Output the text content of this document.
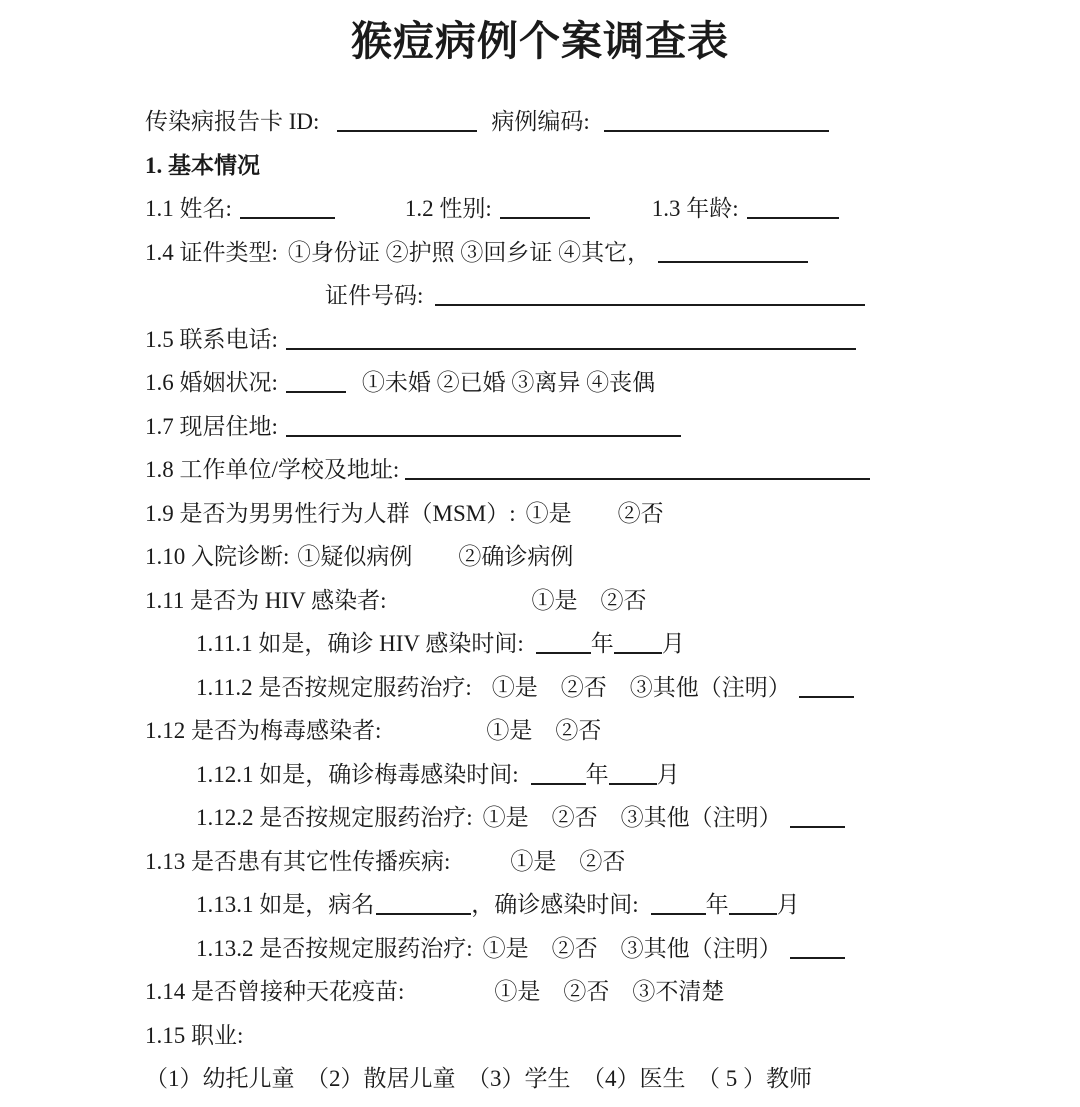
猴痘病例个案调查表
传染病报告卡 ID:	病例编码:
1. 基本情况
1.1 姓名:	1.2 性别:	1.3 年龄:
1.4 证件类型: ①身份证 ②护照 ③回乡证 ④其它，
证件号码:
1.5 联系电话:
1.6 婚姻状况:	①未婚 ②已婚 ③离异 ④丧偶
1.7 现居住地:
1.8 工作单位/学校及地址:
1.9 是否为男男性行为人群（MSM）: ①是　　②否
1.10 入院诊断: ①疑似病例　　②确诊病例
1.11 是否为 HIV 感染者:	①是　②否
1.11.1 如是，确诊 HIV 感染时间:	年 月
1.11.2 是否按规定服药治疗: ①是　②否　③其他（注明）
1.12 是否为梅毒感染者:	①是　②否
1.12.1 如是，确诊梅毒感染时间:	年 月
1.12.2 是否按规定服药治疗: ①是　②否　③其他（注明）
1.13 是否患有其它性传播疾病:	①是　②否
1.13.1 如是，病名	，确诊感染时间:	年 月
1.13.2 是否按规定服药治疗: ①是　②否　③其他（注明）
1.14 是否曾接种天花疫苗:	①是　②否　③不清楚
1.15 职业:
（1）幼托儿童　（2）散居儿童　（3）学生　（4）医生　（ 5 ）教师
